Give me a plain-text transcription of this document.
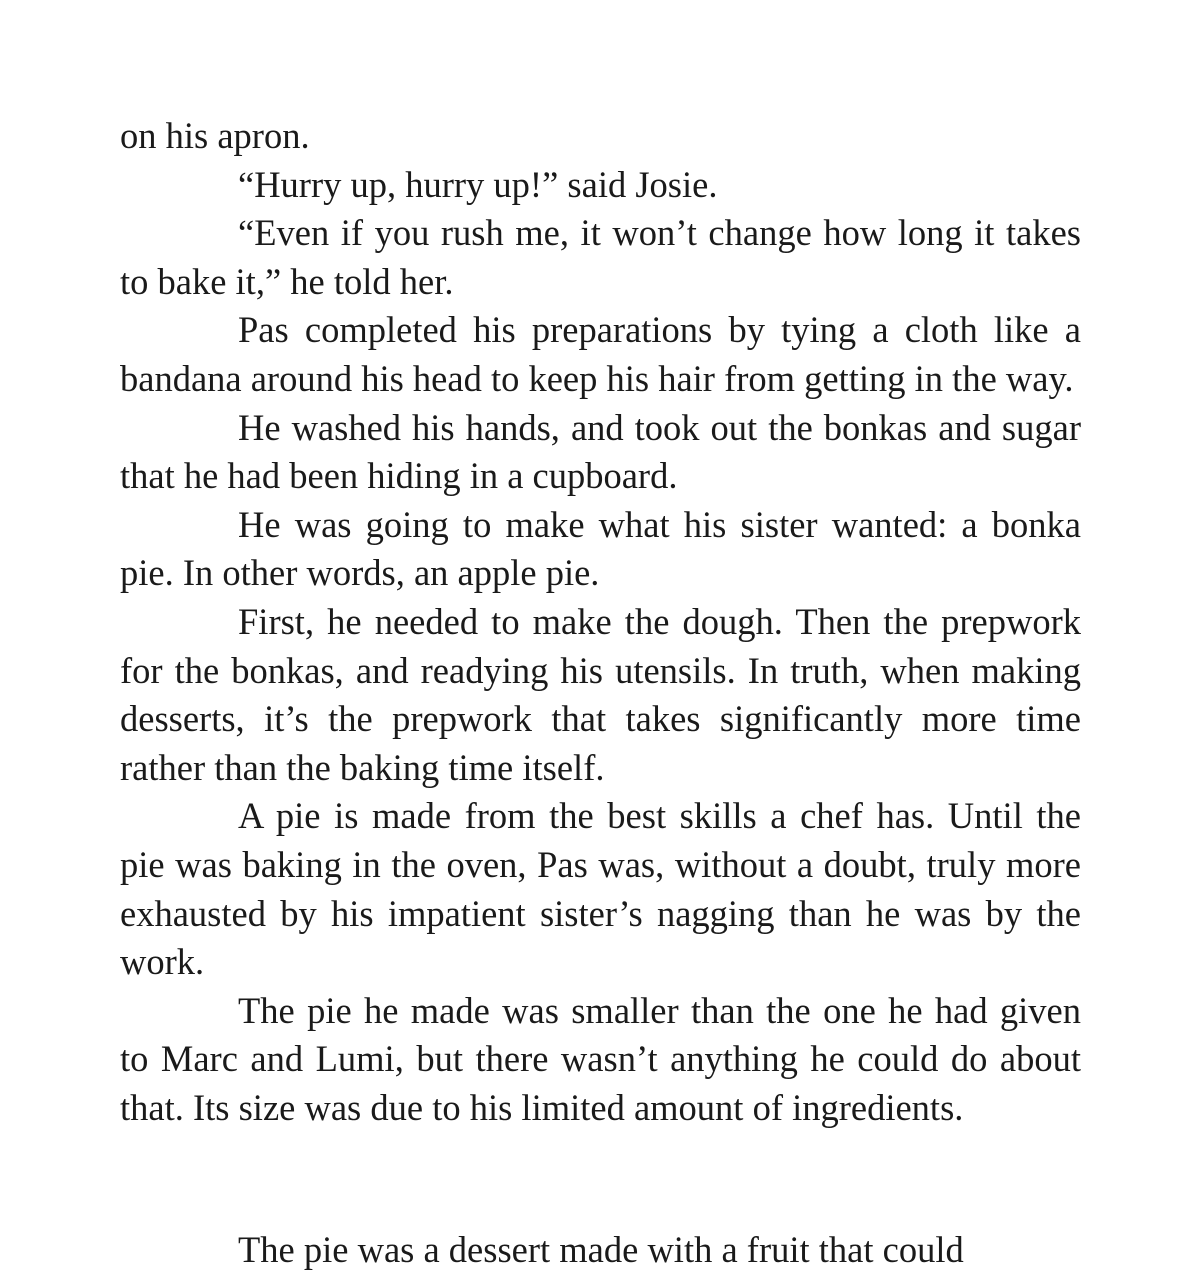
on his apron.

“Hurry up, hurry up!” said Josie.

“Even if you rush me, it won’t change how long it takes to bake it,” he told her.

Pas completed his preparations by tying a cloth like a bandana around his head to keep his hair from getting in the way.

He washed his hands, and took out the bonkas and sugar that he had been hiding in a cupboard.

He was going to make what his sister wanted: a bonka pie. In other words, an apple pie.

First, he needed to make the dough. Then the prepwork for the bonkas, and readying his utensils. In truth, when making desserts, it’s the prepwork that takes significantly more time rather than the baking time itself.

A pie is made from the best skills a chef has. Until the pie was baking in the oven, Pas was, without a doubt, truly more exhausted by his impatient sister’s nagging than he was by the work.

The pie he made was smaller than the one he had given to Marc and Lumi, but there wasn’t anything he could do about that. Its size was due to his limited amount of ingredients.

The pie was a dessert made with a fruit that could
